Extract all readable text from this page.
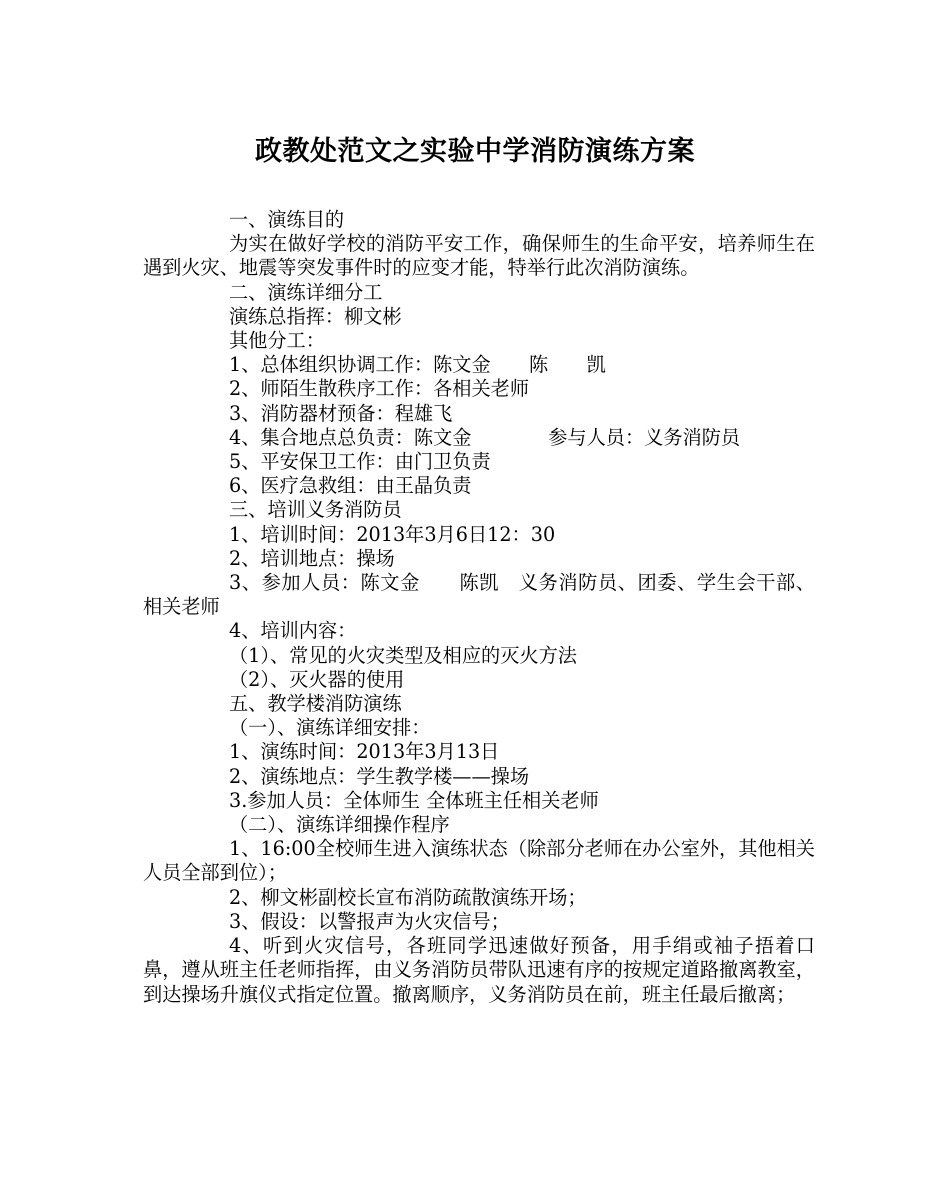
政教处范文之实验中学消防演练方案

一、演练目的

为实在做好学校的消防平安工作，确保师生的生命平安，培养师生在遇到火灾、地震等突发事件时的应变才能，特举行此次消防演练。

二、演练详细分工

演练总指挥：柳文彬

其他分工：

1、总体组织协调工作：陈文金　　陈　　凯

2、师陌生散秩序工作：各相关老师

3、消防器材预备：程雄飞

4、集合地点总负责：陈文金　　　　参与人员：义务消防员

5、平安保卫工作：由门卫负责

6、医疗急救组：由王晶负责

三、培训义务消防员

1、培训时间：2013年3月6日12：30

2、培训地点：操场

3、参加人员：陈文金　　陈凯　义务消防员、团委、学生会干部、相关老师

4、培训内容：

（1）、常见的火灾类型及相应的灭火方法

（2）、灭火器的使用

五、教学楼消防演练

（一）、演练详细安排：

1、演练时间：2013年3月13日

2、演练地点：学生教学楼——操场

3.参加人员：全体师生 全体班主任相关老师

（二）、演练详细操作程序

1、16:00全校师生进入演练状态（除部分老师在办公室外，其他相关人员全部到位）；

2、柳文彬副校长宣布消防疏散演练开场；

3、假设：以警报声为火灾信号；

4、听到火灾信号，各班同学迅速做好预备，用手绢或袖子捂着口鼻，遵从班主任老师指挥，由义务消防员带队迅速有序的按规定道路撤离教室，到达操场升旗仪式指定位置。撤离顺序，义务消防员在前，班主任最后撤离；
